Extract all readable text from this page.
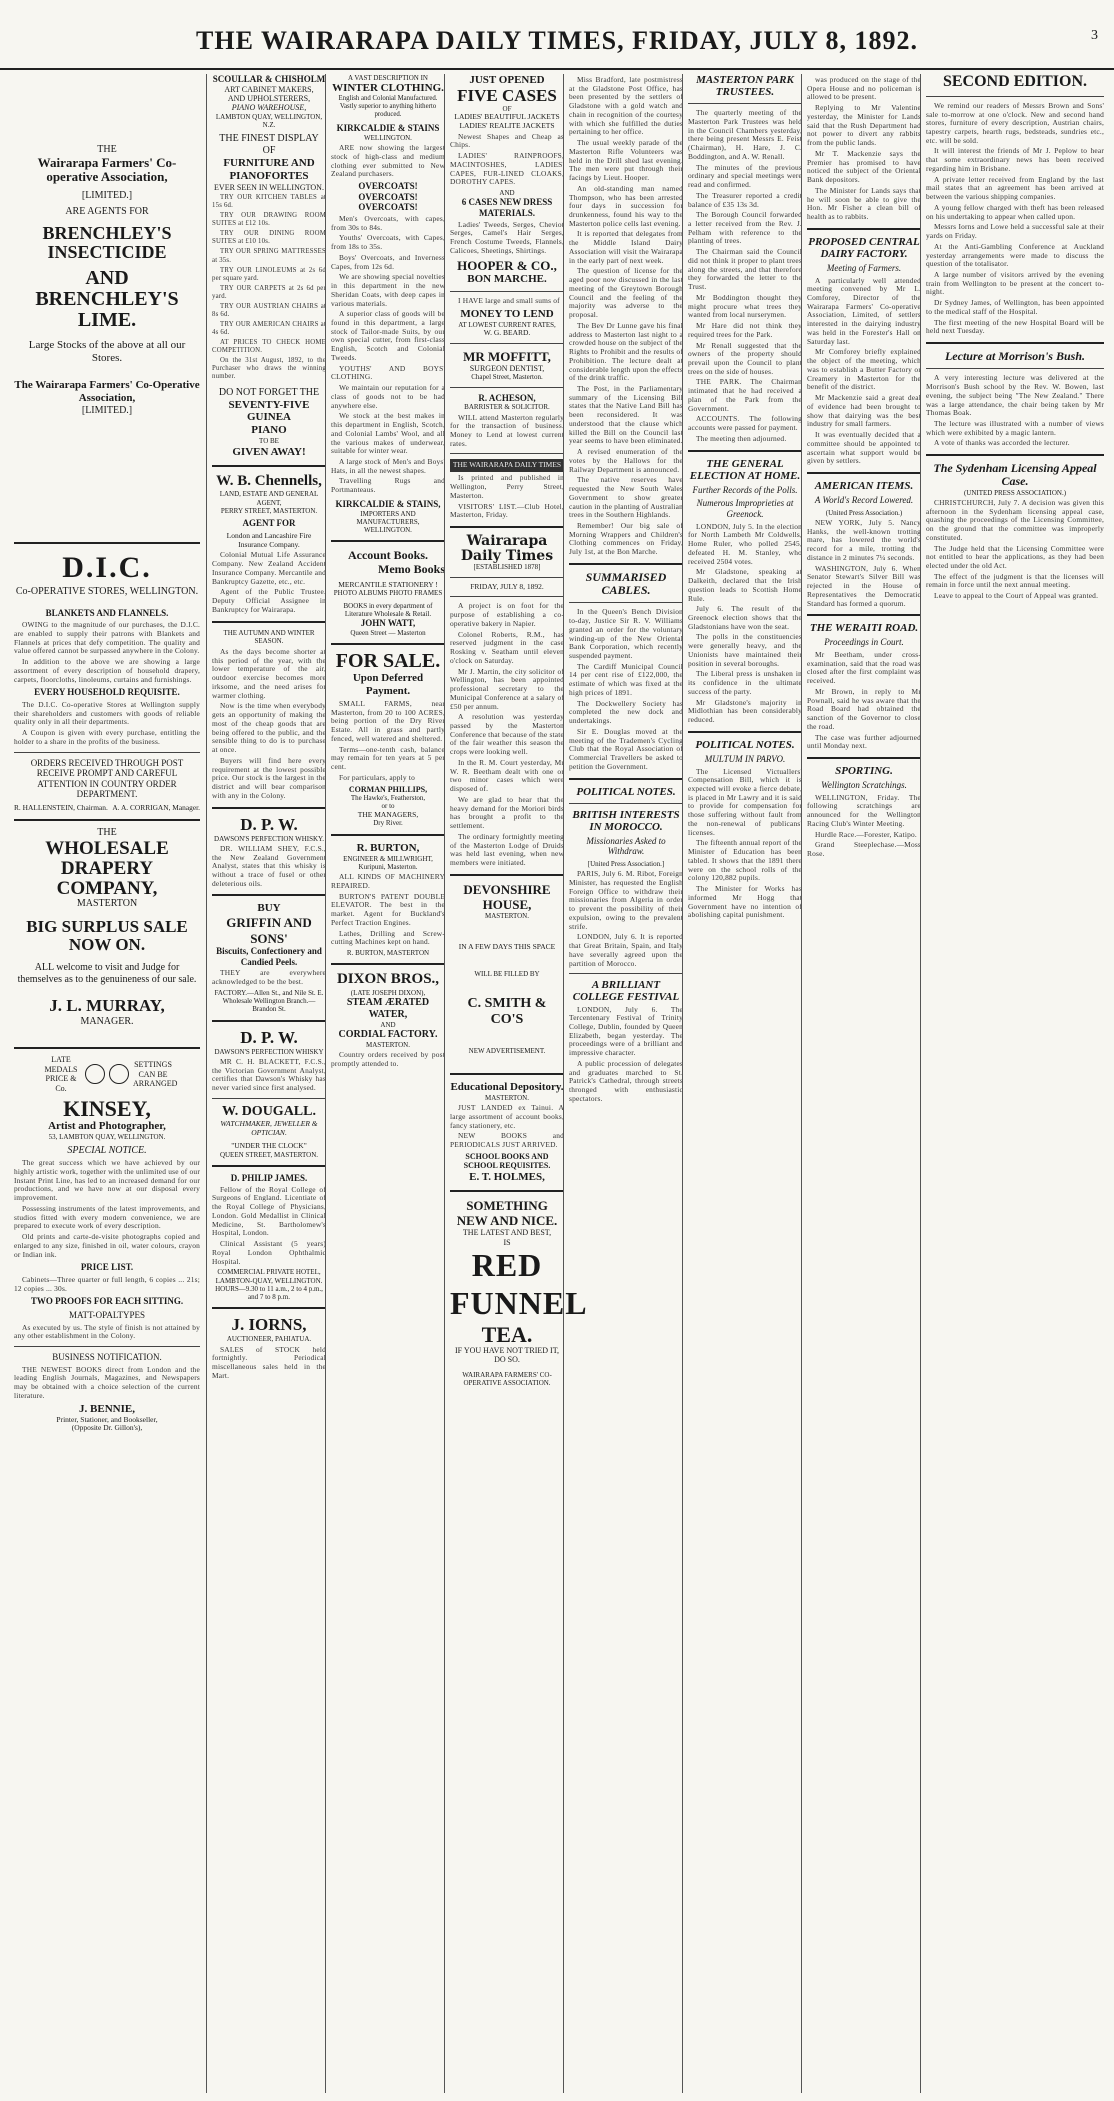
THE WAIRARAPA DAILY TIMES, FRIDAY, JULY 8, 1892.	3
THE
Wairarapa Farmers' Co-operative Association,
[LIMITED.]
ARE AGENTS FOR
BRENCHLEY'S INSECTICIDE
AND BRENCHLEY'S LIME.
Large Stocks of the above at all our Stores.
The Wairarapa Farmers' Co-Operative Association,
[LIMITED.]
D.I.C.
Co-OPERATIVE STORES, WELLINGTON.
BLANKETS AND FLANNELS.

OWING to the magnitude of our purchases, the D.I.C. are enabled to supply their patrons with Blankets and Flannels at prices that defy competition. The quality and value offered cannot be surpassed anywhere in the Colony.

In addition to the above we are showing a large assortment of every description of household drapery, carpets, floorcloths, linoleums, curtains and furnishings.

EVERY HOUSEHOLD REQUISITE.

The D.I.C. Co-operative Stores at Wellington supply their shareholders and customers with goods of reliable quality only in all their departments.

A Coupon is given with every purchase, entitling the holder to a share in the profits of the business.

ORDERS RECEIVED THROUGH POST RECEIVE PROMPT AND CAREFUL ATTENTION IN COUNTRY ORDER DEPARTMENT.
R. HALLENSTEIN, Chairman. A. A. CORRIGAN, Manager.
THE
WHOLESALE DRAPERY COMPANY,
MASTERTON
BIG SURPLUS SALE NOW ON.
ALL welcome to visit and Judge for themselves as to the genuineness of our sale.
J. L. MURRAY,
MANAGER.
LATE MEDALS PRICE & Co.
SETTINGS CAN BE ARRANGED
KINSEY,
Artist and Photographer,
53, LAMBTON QUAY, WELLINGTON.
SPECIAL NOTICE.

The great success which we have achieved by our highly artistic work, together with the unlimited use of our Instant Print Line, has led to an increased demand for our productions, and we have now at our disposal every improvement.

Possessing instruments of the latest improvements, and studios fitted with every modern convenience, we are prepared to execute work of every description.

Old prints and carte-de-visite photographs copied and enlarged to any size, finished in oil, water colours, crayon or Indian ink.

PRICE LIST.

Cabinets—Three quarter or full length, 6 copies ... 21s; 12 copies ... 30s.

TWO PROOFS FOR EACH SITTING.
MATT-OPALTYPES

As executed by us. The style of finish is not attained by any other establishment in the Colony.

BUSINESS NOTIFICATION.

THE NEWEST BOOKS direct from London and the leading English Journals, Magazines, and Newspapers may be obtained with a choice selection of the current literature.

J. BENNIE,
Printer, Stationer, and Bookseller,
(Opposite Dr. Gillon's),
SCOULLAR & CHISHOLM
ART CABINET MAKERS,
AND UPHOLSTERERS,
PIANO WAREHOUSE,
LAMBTON QUAY, WELLINGTON, N.Z.
THE FINEST DISPLAY OF
FURNITURE AND PIANOFORTES
EVER SEEN IN WELLINGTON.

TRY OUR KITCHEN TABLES at 15s 6d.

TRY OUR DRAWING ROOM SUITES at £12 10s.

TRY OUR DINING ROOM SUITES at £10 10s.

TRY OUR SPRING MATTRESSES at 35s.

TRY OUR LINOLEUMS at 2s 6d per square yard.

TRY OUR CARPETS at 2s 6d per yard.

TRY OUR AUSTRIAN CHAIRS at 8s 6d.

TRY OUR AMERICAN CHAIRS at 4s 6d.

AT PRICES TO CHECK HOME COMPETITION.

On the 31st August, 1892, to the Purchaser who draws the winning number.

DO NOT FORGET THE
SEVENTY-FIVE GUINEA
PIANO
TO BE
GIVEN AWAY!
W. B. Chennells,
LAND, ESTATE AND GENERAL AGENT,
PERRY STREET, MASTERTON.
AGENT FOR
London and Lancashire Fire Insurance Company.

Colonial Mutual Life Assurance Company. New Zealand Accident Insurance Company. Mercantile and Bankruptcy Gazette, etc., etc.

Agent of the Public Trustee. Deputy Official Assignee in Bankruptcy for Wairarapa.

THE AUTUMN AND WINTER SEASON.

As the days become shorter at this period of the year, with the lower temperature of the air, outdoor exercise becomes more irksome, and the need arises for warmer clothing.

Now is the time when everybody gets an opportunity of making the most of the cheap goods that are being offered to the public, and the sensible thing to do is to purchase at once.

Buyers will find here every requirement at the lowest possible price. Our stock is the largest in the district and will bear comparison with any in the Colony.

D. P. W.
DAWSON'S PERFECTION WHISKY.

DR. WILLIAM SHEY, F.C.S., the New Zealand Government Analyst, states that this whisky is without a trace of fusel or other deleterious oils.

BUY
GRIFFIN AND SONS'
Biscuits, Confectionery and Candied Peels.

THEY are everywhere acknowledged to be the best.

FACTORY.—Allen St., and Nile St. E. Wholesale Wellington Branch.—Brandon St.
D. P. W.
DAWSON'S PERFECTION WHISKY

MR C. H. BLACKETT, F.C.S., the Victorian Government Analyst, certifies that Dawson's Whisky has never varied since first analysed.

W. DOUGALL.
WATCHMAKER, JEWELLER & OPTICIAN.
"UNDER THE CLOCK"
QUEEN STREET, MASTERTON.
D. PHILIP JAMES.

Fellow of the Royal College of Surgeons of England. Licentiate of the Royal College of Physicians, London. Gold Medallist in Clinical Medicine, St. Bartholomew's Hospital, London.

Clinical Assistant (5 years) Royal London Ophthalmic Hospital.

COMMERCIAL PRIVATE HOTEL,
LAMBTON-QUAY, WELLINGTON.
HOURS—9.30 to 11 a.m., 2 to 4 p.m., and 7 to 8 p.m.
J. IORNS,
AUCTIONEER, PAHIATUA.

SALES of STOCK held fortnightly. Periodical miscellaneous sales held in the Mart.

A VAST DESCRIPTION IN
WINTER CLOTHING.
English and Colonial Manufactured. Vastly superior to anything hitherto produced.
KIRKCALDIE & STAINS
WELLINGTON.

ARE now showing the largest stock of high-class and medium clothing ever submitted to New Zealand purchasers.

OVERCOATS! OVERCOATS!
OVERCOATS!

Men's Overcoats, with capes, from 30s to 84s.

Youths' Overcoats, with Capes, from 18s to 35s.

Boys' Overcoats, and Inverness Capes, from 12s 6d.

We are showing special novelties in this department in the new Sheridan Coats, with deep capes in various materials.

A superior class of goods will be found in this department, a large stock of Tailor-made Suits, by our own special cutter, from first-class English, Scotch and Colonial Tweeds.

YOUTHS' AND BOYS' CLOTHING.

We maintain our reputation for a class of goods not to be had anywhere else.

We stock at the best makes in this department in English, Scotch, and Colonial Lambs' Wool, and all the various makes of underwear, suitable for winter wear.

A large stock of Men's and Boys' Hats, in all the newest shapes.

Travelling Rugs and Portmanteaus.

KIRKCALDIE & STAINS,
IMPORTERS AND MANUFACTURERS,
WELLINGTON.
Account Books.
Memo Books
MERCANTILE STATIONERY !
PHOTO ALBUMS PHOTO FRAMES
BOOKS in every department of Literature Wholesale & Retail.
JOHN WATT,
Queen Street — Masterton
FOR SALE.
Upon Deferred Payment.

SMALL FARMS, near Masterton, from 20 to 100 ACRES, being portion of the Dry River Estate. All in grass and partly fenced, well watered and sheltered.

Terms—one-tenth cash, balance may remain for ten years at 5 per cent.

For particulars, apply to

CORMAN PHILLIPS,
The Hawke's, Featherston,
or to
THE MANAGERS,
Dry River.
R. BURTON,
ENGINEER & MILLWRIGHT,
Kuripuni, Masterton.

ALL KINDS OF MACHINERY REPAIRED.

BURTON'S PATENT DOUBLE ELEVATOR. The best in the market. Agent for Buckland's Perfect Traction Engines.

Lathes, Drilling and Screw-cutting Machines kept on hand.

R. BURTON, MASTERTON
DIXON BROS.,
(LATE JOSEPH DIXON),
STEAM ÆRATED WATER,
AND
CORDIAL FACTORY.
MASTERTON.

Country orders received by post promptly attended to.

JUST OPENED
FIVE CASES
OF
LADIES' BEAUTIFUL JACKETS
LADIES' REALITE JACKETS

Newest Shapes and Cheap as Chips.

LADIES' RAINPROOFS, MACINTOSHES, LADIES' CAPES, FUR-LINED CLOAKS, DOROTHY CAPES.

AND
6 CASES NEW DRESS MATERIALS.

Ladies' Tweeds, Serges, Cheviot Serges, Camel's Hair Serges, French Costume Tweeds, Flannels, Calicoes, Sheetings, Shirtings.

HOOPER & CO.,
BON MARCHE.

I HAVE large and small sums of

MONEY TO LEND
AT LOWEST CURRENT RATES,
W. G. BEARD.
MR MOFFITT,
SURGEON DENTIST,
Chapel Street, Masterton.
R. ACHESON,
BARRISTER & SOLICITOR.

WILL attend Masterton regularly for the transaction of business. Money to Lend at lowest current rates.

THE WAIRARAPA DAILY TIMES

Is printed and published in Wellington, Perry Street, Masterton.

VISITORS' LIST.—Club Hotel, Masterton, Friday.

Wairarapa Daily Times
[ESTABLISHED 1878]
FRIDAY, JULY 8, 1892.

A project is on foot for the purpose of establishing a co-operative bakery in Napier.

Colonel Roberts, R.M., has reserved judgment in the case Rosking v. Seatham until eleven o'clock on Saturday.

Mr J. Martin, the city solicitor of Wellington, has been appointed professional secretary to the Municipal Conference at a salary of £50 per annum.

A resolution was yesterday passed by the Masterton Conference that because of the state of the fair weather this season the crops were looking well.

In the R. M. Court yesterday, Mr W. R. Beetham dealt with one or two minor cases which were disposed of.

We are glad to hear that the heavy demand for the Moriori birds has brought a profit to the settlement.

The ordinary fortnightly meeting of the Masterton Lodge of Druids was held last evening, when new members were initiated.

DEVONSHIRE HOUSE,
MASTERTON.
IN A FEW DAYS THIS SPACE
WILL BE FILLED BY
C. SMITH & CO'S
NEW ADVERTISEMENT.
Educational Depository.
MASTERTON.

JUST LANDED ex Tainui. A large assortment of account books, fancy stationery, etc.

NEW BOOKS and PERIODICALS JUST ARRIVED.

SCHOOL BOOKS AND SCHOOL REQUISITES.
E. T. HOLMES,
SOMETHING NEW AND NICE.
THE LATEST AND BEST,
IS
RED FUNNEL
TEA.
IF YOU HAVE NOT TRIED IT, DO SO.
WAIRARAPA FARMERS' CO-OPERATIVE ASSOCIATION.

Miss Bradford, late postmistress at the Gladstone Post Office, has been presented by the settlers of Gladstone with a gold watch and chain in recognition of the courtesy with which she fulfilled the duties pertaining to her office.

The usual weekly parade of the Masterton Rifle Volunteers was held in the Drill shed last evening. The men were put through their facings by Lieut. Hooper.

An old-standing man named Thompson, who has been arrested four days in succession for drunkenness, found his way to the Masterton police cells last evening.

It is reported that delegates from the Middle Island Dairy Association will visit the Wairarapa in the early part of next week.

The question of license for the aged poor now discussed in the last meeting of the Greytown Borough Council and the feeling of the majority was adverse to the proposal.

The Bev Dr Lunne gave his final address to Masterton last night to a crowded house on the subject of the Rights to Prohibit and the results of Prohibition. The lecture dealt at considerable length upon the effects of the drink traffic.

The Post, in the Parliamentary summary of the Licensing Bill states that the Native Land Bill has been reconsidered. It was understood that the clause which killed the Bill on the Council last year seems to have been eliminated.

A revised enumeration of the votes by the Hallows for the Railway Department is announced.

The native reserves have requested the New South Wales Government to show greater caution in the planting of Australian trees in the Southern Highlands.

Remember! Our big sale of Morning Wrappers and Children's Clothing commences on Friday, July 1st, at the Bon Marche.

SUMMARISED CABLES.

In the Queen's Bench Division to-day, Justice Sir R. V. Williams granted an order for the voluntary winding-up of the New Oriental Bank Corporation, which recently suspended payment.

The Cardiff Municipal Council 14 per cent rise of £122,000, the estimate of which was fixed at the high prices of 1891.

The Dockwellery Society has completed the new dock and undertakings.

Sir E. Douglas moved at the meeting of the Trademen's Cycling Club that the Royal Association of Commercial Travellers be asked to petition the Government.

POLITICAL NOTES.
BRITISH INTERESTS IN MOROCCO.
Missionaries Asked to Withdraw.
[United Press Association.]

PARIS, July 6. M. Ribot, Foreign Minister, has requested the English Foreign Office to withdraw their missionaries from Algeria in order to prevent the possibility of their expulsion, owing to the prevalent strife.

LONDON, July 6. It is reported that Great Britain, Spain, and Italy have severally agreed upon the partition of Morocco.

A BRILLIANT COLLEGE FESTIVAL

LONDON, July 6. The Tercentenary Festival of Trinity College, Dublin, founded by Queen Elizabeth, began yesterday. The proceedings were of a brilliant and impressive character.

A public procession of delegates and graduates marched to St. Patrick's Cathedral, through streets thronged with enthusiastic spectators.

MASTERTON PARK TRUSTEES.

The quarterly meeting of the Masterton Park Trustees was held in the Council Chambers yesterday, there being present Messrs E. Feist (Chairman), H. Hare, J. C. Boddington, and A. W. Renall.

The minutes of the previous ordinary and special meetings were read and confirmed.

The Treasurer reported a credit balance of £35 13s 3d.

The Borough Council forwarded a letter received from the Rev. J. Pelham with reference to the planting of trees.

The Chairman said the Council did not think it proper to plant trees along the streets, and that therefore they forwarded the letter to the Trust.

Mr Boddington thought they might procure what trees they wanted from local nurserymen.

Mr Hare did not think they required trees for the Park.

Mr Renall suggested that the owners of the property should prevail upon the Council to plant trees on the side of houses.

THE PARK. The Chairman intimated that he had received a plan of the Park from the Government.

ACCOUNTS. The following accounts were passed for payment.

The meeting then adjourned.

THE GENERAL ELECTION AT HOME.
Further Records of the Polls.
Numerous Improprieties at Greenock.

LONDON, July 5. In the election for North Lambeth Mr Coldwells, Home Ruler, who polled 2545, defeated H. M. Stanley, who received 2504 votes.

Mr Gladstone, speaking at Dalkeith, declared that the Irish question leads to Scottish Home Rule.

July 6. The result of the Greenock election shows that the Gladstonians have won the seat.

The polls in the constituencies were generally heavy, and the Unionists have maintained their position in several boroughs.

The Liberal press is unshaken in its confidence in the ultimate success of the party.

Mr Gladstone's majority in Midlothian has been considerably reduced.

POLITICAL NOTES.
MULTUM IN PARVO.

The Licensed Victuallers' Compensation Bill, which it is expected will evoke a fierce debate, is placed in Mr Lawry and it is said to provide for compensation for those suffering without fault from the non-renewal of publicans' licenses.

The fifteenth annual report of the Minister of Education has been tabled. It shows that the 1891 there were on the school rolls of the colony 120,882 pupils.

The Minister for Works has informed Mr Hogg that Government have no intention of abolishing capital punishment.

was produced on the stage of the Opera House and no policeman is allowed to be present.

Replying to Mr Valentine yesterday, the Minister for Lands said that the Rush Department had not power to divert any rabbits from the public lands.

Mr T. Mackenzie says the Premier has promised to have noticed the subject of the Oriental Bank depositors.

The Minister for Lands says that he will soon be able to give the Hon. Mr Fisher a clean bill of health as to rabbits.

PROPOSED CENTRAL DAIRY FACTORY.
Meeting of Farmers.

A particularly well attended meeting convened by Mr L. Comforey, Director of the Wairarapa Farmers' Co-operative Association, Limited, of settlers interested in the dairying industry was held in the Forester's Hall on Saturday last.

Mr Comforey briefly explained the object of the meeting, which was to establish a Butter Factory or Creamery in Masterton for the benefit of the district.

Mr Mackenzie said a great deal of evidence had been brought to show that dairying was the best industry for small farmers.

It was eventually decided that a committee should be appointed to ascertain what support would be given by settlers.

AMERICAN ITEMS.
A World's Record Lowered.
(United Press Association.)

NEW YORK, July 5. Nancy Hanks, the well-known trotting mare, has lowered the world's record for a mile, trotting the distance in 2 minutes 7¼ seconds.

WASHINGTON, July 6. When Senator Stewart's Silver Bill was rejected in the House of Representatives the Democratic Standard has formed a quorum.

THE WERAITI ROAD.
Proceedings in Court.

Mr Beetham, under cross-examination, said that the road was closed after the first complaint was received.

Mr Brown, in reply to Mr Pownall, said he was aware that the Road Board had obtained the sanction of the Governor to close the road.

The case was further adjourned until Monday next.

SPORTING.
Wellington Scratchings.

WELLINGTON, Friday. The following scratchings are announced for the Wellington Racing Club's Winter Meeting.

Hurdle Race.—Forester, Katipo.

Grand Steeplechase.—Moss Rose.

SECOND EDITION.

We remind our readers of Messrs Brown and Sons' sale to-morrow at one o'clock. New and second hand stores, furniture of every description, Austrian chairs, tapestry carpets, hearth rugs, bedsteads, sundries etc., etc. will be sold.

It will interest the friends of Mr J. Peplow to hear that some extraordinary news has been received regarding him in Brisbane.

A private letter received from England by the last mail states that an agreement has been arrived at between the various shipping companies.

A young fellow charged with theft has been released on his undertaking to appear when called upon.

Messrs Iorns and Lowe held a successful sale at their yards on Friday.

At the Anti-Gambling Conference at Auckland yesterday arrangements were made to discuss the question of the totalisator.

A large number of visitors arrived by the evening train from Wellington to be present at the concert to-night.

Dr Sydney James, of Wellington, has been appointed to the medical staff of the Hospital.

The first meeting of the new Hospital Board will be held next Tuesday.

Lecture at Morrison's Bush.

A very interesting lecture was delivered at the Morrison's Bush school by the Rev. W. Bowen, last evening, the subject being "The New Zealand." There was a large attendance, the chair being taken by Mr Thomas Boak.

The lecture was illustrated with a number of views which were exhibited by a magic lantern.

A vote of thanks was accorded the lecturer.

The Sydenham Licensing Appeal Case.
(UNITED PRESS ASSOCIATION.)

CHRISTCHURCH, July 7. A decision was given this afternoon in the Sydenham licensing appeal case, quashing the proceedings of the Licensing Committee, on the ground that the committee was improperly constituted.

The Judge held that the Licensing Committee were not entitled to hear the applications, as they had been elected under the old Act.

The effect of the judgment is that the licenses will remain in force until the next annual meeting.

Leave to appeal to the Court of Appeal was granted.
